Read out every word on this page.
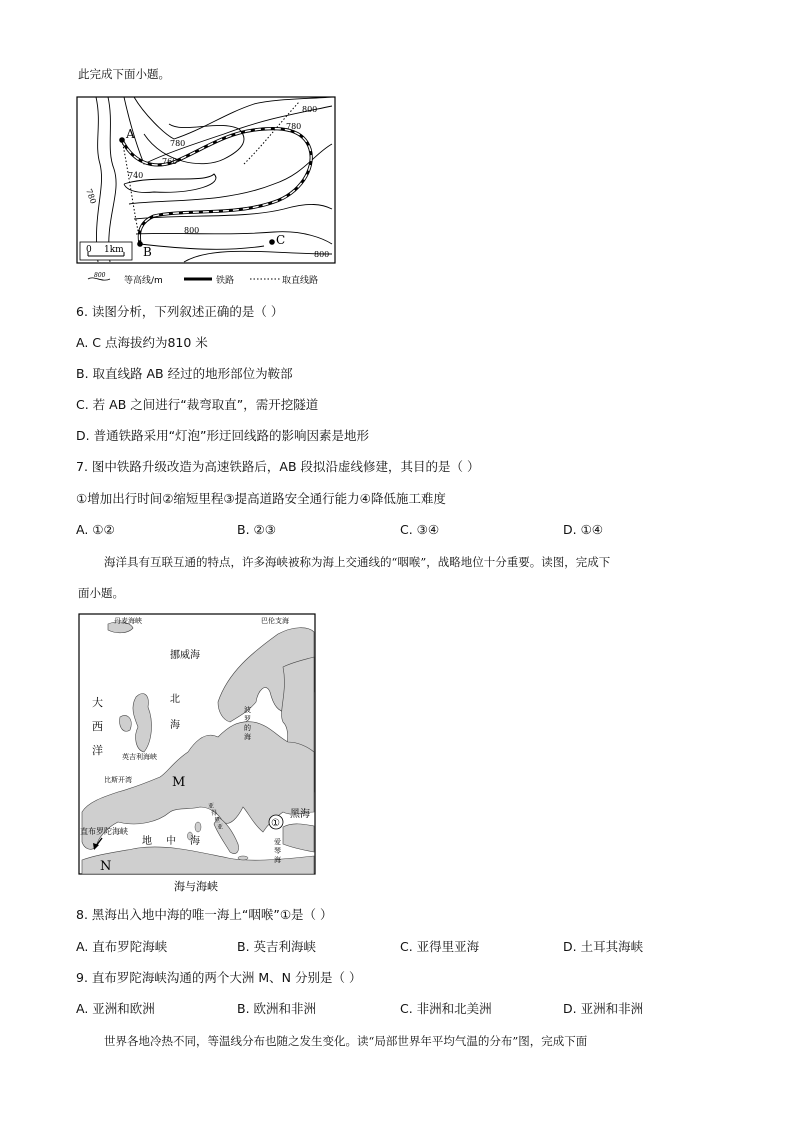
此完成下面小题。
800
780
780
760
740
780
800
800
A
B
C
0 1km
800
等高线/m	铁路	取直线路
6. 读图分析，下列叙述正确的是（ ）
A. C 点海拔约为810 米
B. 取直线路 AB 经过的地形部位为鞍部
C. 若 AB 之间进行“裁弯取直”，需开挖隧道
D. 普通铁路采用“灯泡”形迂回线路的影响因素是地形
7. 图中铁路升级改造为高速铁路后，AB 段拟沿虚线修建，其目的是（ ）
①增加出行时间②缩短里程③提高道路安全通行能力④降低施工难度
A. ①②	B. ②③	C. ③④	D. ①④
海洋具有互联互通的特点，许多海峡被称为海上交通线的“咽喉”，战略地位十分重要。读图，完成下
面小题。
丹麦海峡	巴伦支海
挪威海
大
西
洋
北
海
波
罗
的
海
英吉利海峡
比斯开湾	M
直布罗陀海峡
N
地 中 海
黑海
①
亚
得
里
亚
爱
琴
海
海与海峡
8. 黑海出入地中海的唯一海上“咽喉”①是（ ）
A. 直布罗陀海峡	B. 英吉利海峡	C. 亚得里亚海	D. 土耳其海峡
9. 直布罗陀海峡沟通的两个大洲 M、N 分别是（ ）
A. 亚洲和欧洲	B. 欧洲和非洲	C. 非洲和北美洲	D. 亚洲和非洲
世界各地冷热不同，等温线分布也随之发生变化。读“局部世界年平均气温的分布”图，完成下面
